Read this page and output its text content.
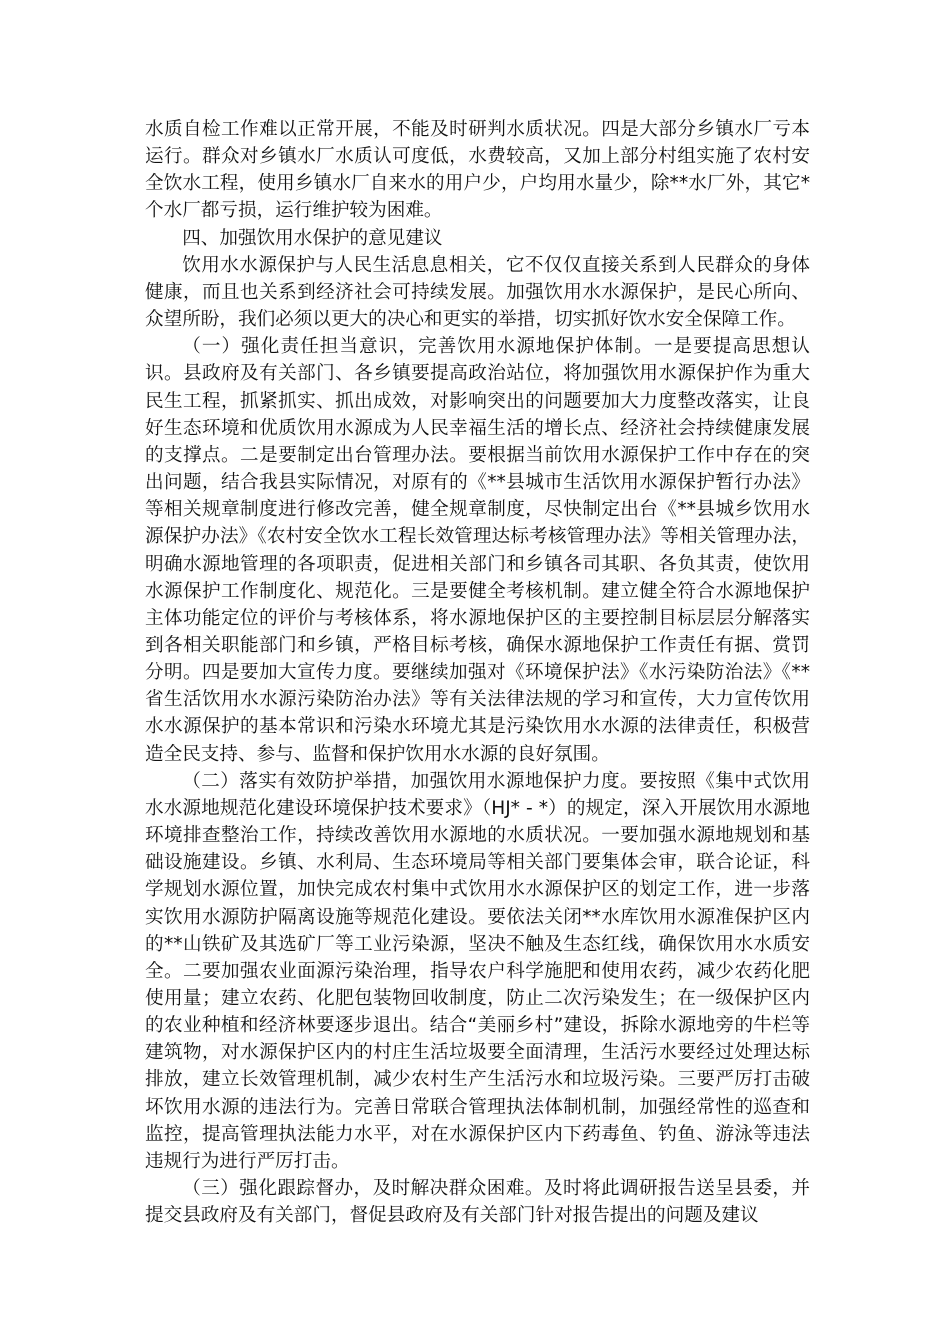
水质自检工作难以正常开展，不能及时研判水质状况。四是大部分乡镇水厂亏本运行。群众对乡镇水厂水质认可度低，水费较高，又加上部分村组实施了农村安全饮水工程，使用乡镇水厂自来水的用户少，户均用水量少，除**水厂外，其它*个水厂都亏损，运行维护较为困难。

四、加强饮用水保护的意见建议

饮用水水源保护与人民生活息息相关，它不仅仅直接关系到人民群众的身体健康，而且也关系到经济社会可持续发展。加强饮用水水源保护，是民心所向、众望所盼，我们必须以更大的决心和更实的举措，切实抓好饮水安全保障工作。

（一）强化责任担当意识，完善饮用水源地保护体制。一是要提高思想认识。县政府及有关部门、各乡镇要提高政治站位，将加强饮用水源保护作为重大民生工程，抓紧抓实、抓出成效，对影响突出的问题要加大力度整改落实，让良好生态环境和优质饮用水源成为人民幸福生活的增长点、经济社会持续健康发展的支撑点。二是要制定出台管理办法。要根据当前饮用水源保护工作中存在的突出问题，结合我县实际情况，对原有的《**县城市生活饮用水源保护暂行办法》等相关规章制度进行修改完善，健全规章制度，尽快制定出台《**县城乡饮用水源保护办法》《农村安全饮水工程长效管理达标考核管理办法》等相关管理办法，明确水源地管理的各项职责，促进相关部门和乡镇各司其职、各负其责，使饮用水源保护工作制度化、规范化。三是要健全考核机制。建立健全符合水源地保护主体功能定位的评价与考核体系，将水源地保护区的主要控制目标层层分解落实到各相关职能部门和乡镇，严格目标考核，确保水源地保护工作责任有据、赏罚分明。四是要加大宣传力度。要继续加强对《环境保护法》《水污染防治法》《**省生活饮用水水源污染防治办法》等有关法律法规的学习和宣传，大力宣传饮用水水源保护的基本常识和污染水环境尤其是污染饮用水水源的法律责任，积极营造全民支持、参与、监督和保护饮用水水源的良好氛围。

（二）落实有效防护举措，加强饮用水源地保护力度。要按照《集中式饮用水水源地规范化建设环境保护技术要求》（HJ* - *）的规定，深入开展饮用水源地环境排查整治工作，持续改善饮用水源地的水质状况。一要加强水源地规划和基础设施建设。乡镇、水利局、生态环境局等相关部门要集体会审，联合论证，科学规划水源位置，加快完成农村集中式饮用水水源保护区的划定工作，进一步落实饮用水源防护隔离设施等规范化建设。要依法关闭**水库饮用水源准保护区内的**山铁矿及其选矿厂等工业污染源，坚决不触及生态红线，确保饮用水水质安全。二要加强农业面源污染治理，指导农户科学施肥和使用农药，减少农药化肥使用量；建立农药、化肥包装物回收制度，防止二次污染发生；在一级保护区内的农业种植和经济林要逐步退出。结合“美丽乡村”建设，拆除水源地旁的牛栏等建筑物，对水源保护区内的村庄生活垃圾要全面清理，生活污水要经过处理达标排放，建立长效管理机制，减少农村生产生活污水和垃圾污染。三要严厉打击破坏饮用水源的违法行为。完善日常联合管理执法体制机制，加强经常性的巡查和监控，提高管理执法能力水平，对在水源保护区内下药毒鱼、钓鱼、游泳等违法违规行为进行严厉打击。

（三）强化跟踪督办，及时解决群众困难。及时将此调研报告送呈县委，并提交县政府及有关部门，督促县政府及有关部门针对报告提出的问题及建议
